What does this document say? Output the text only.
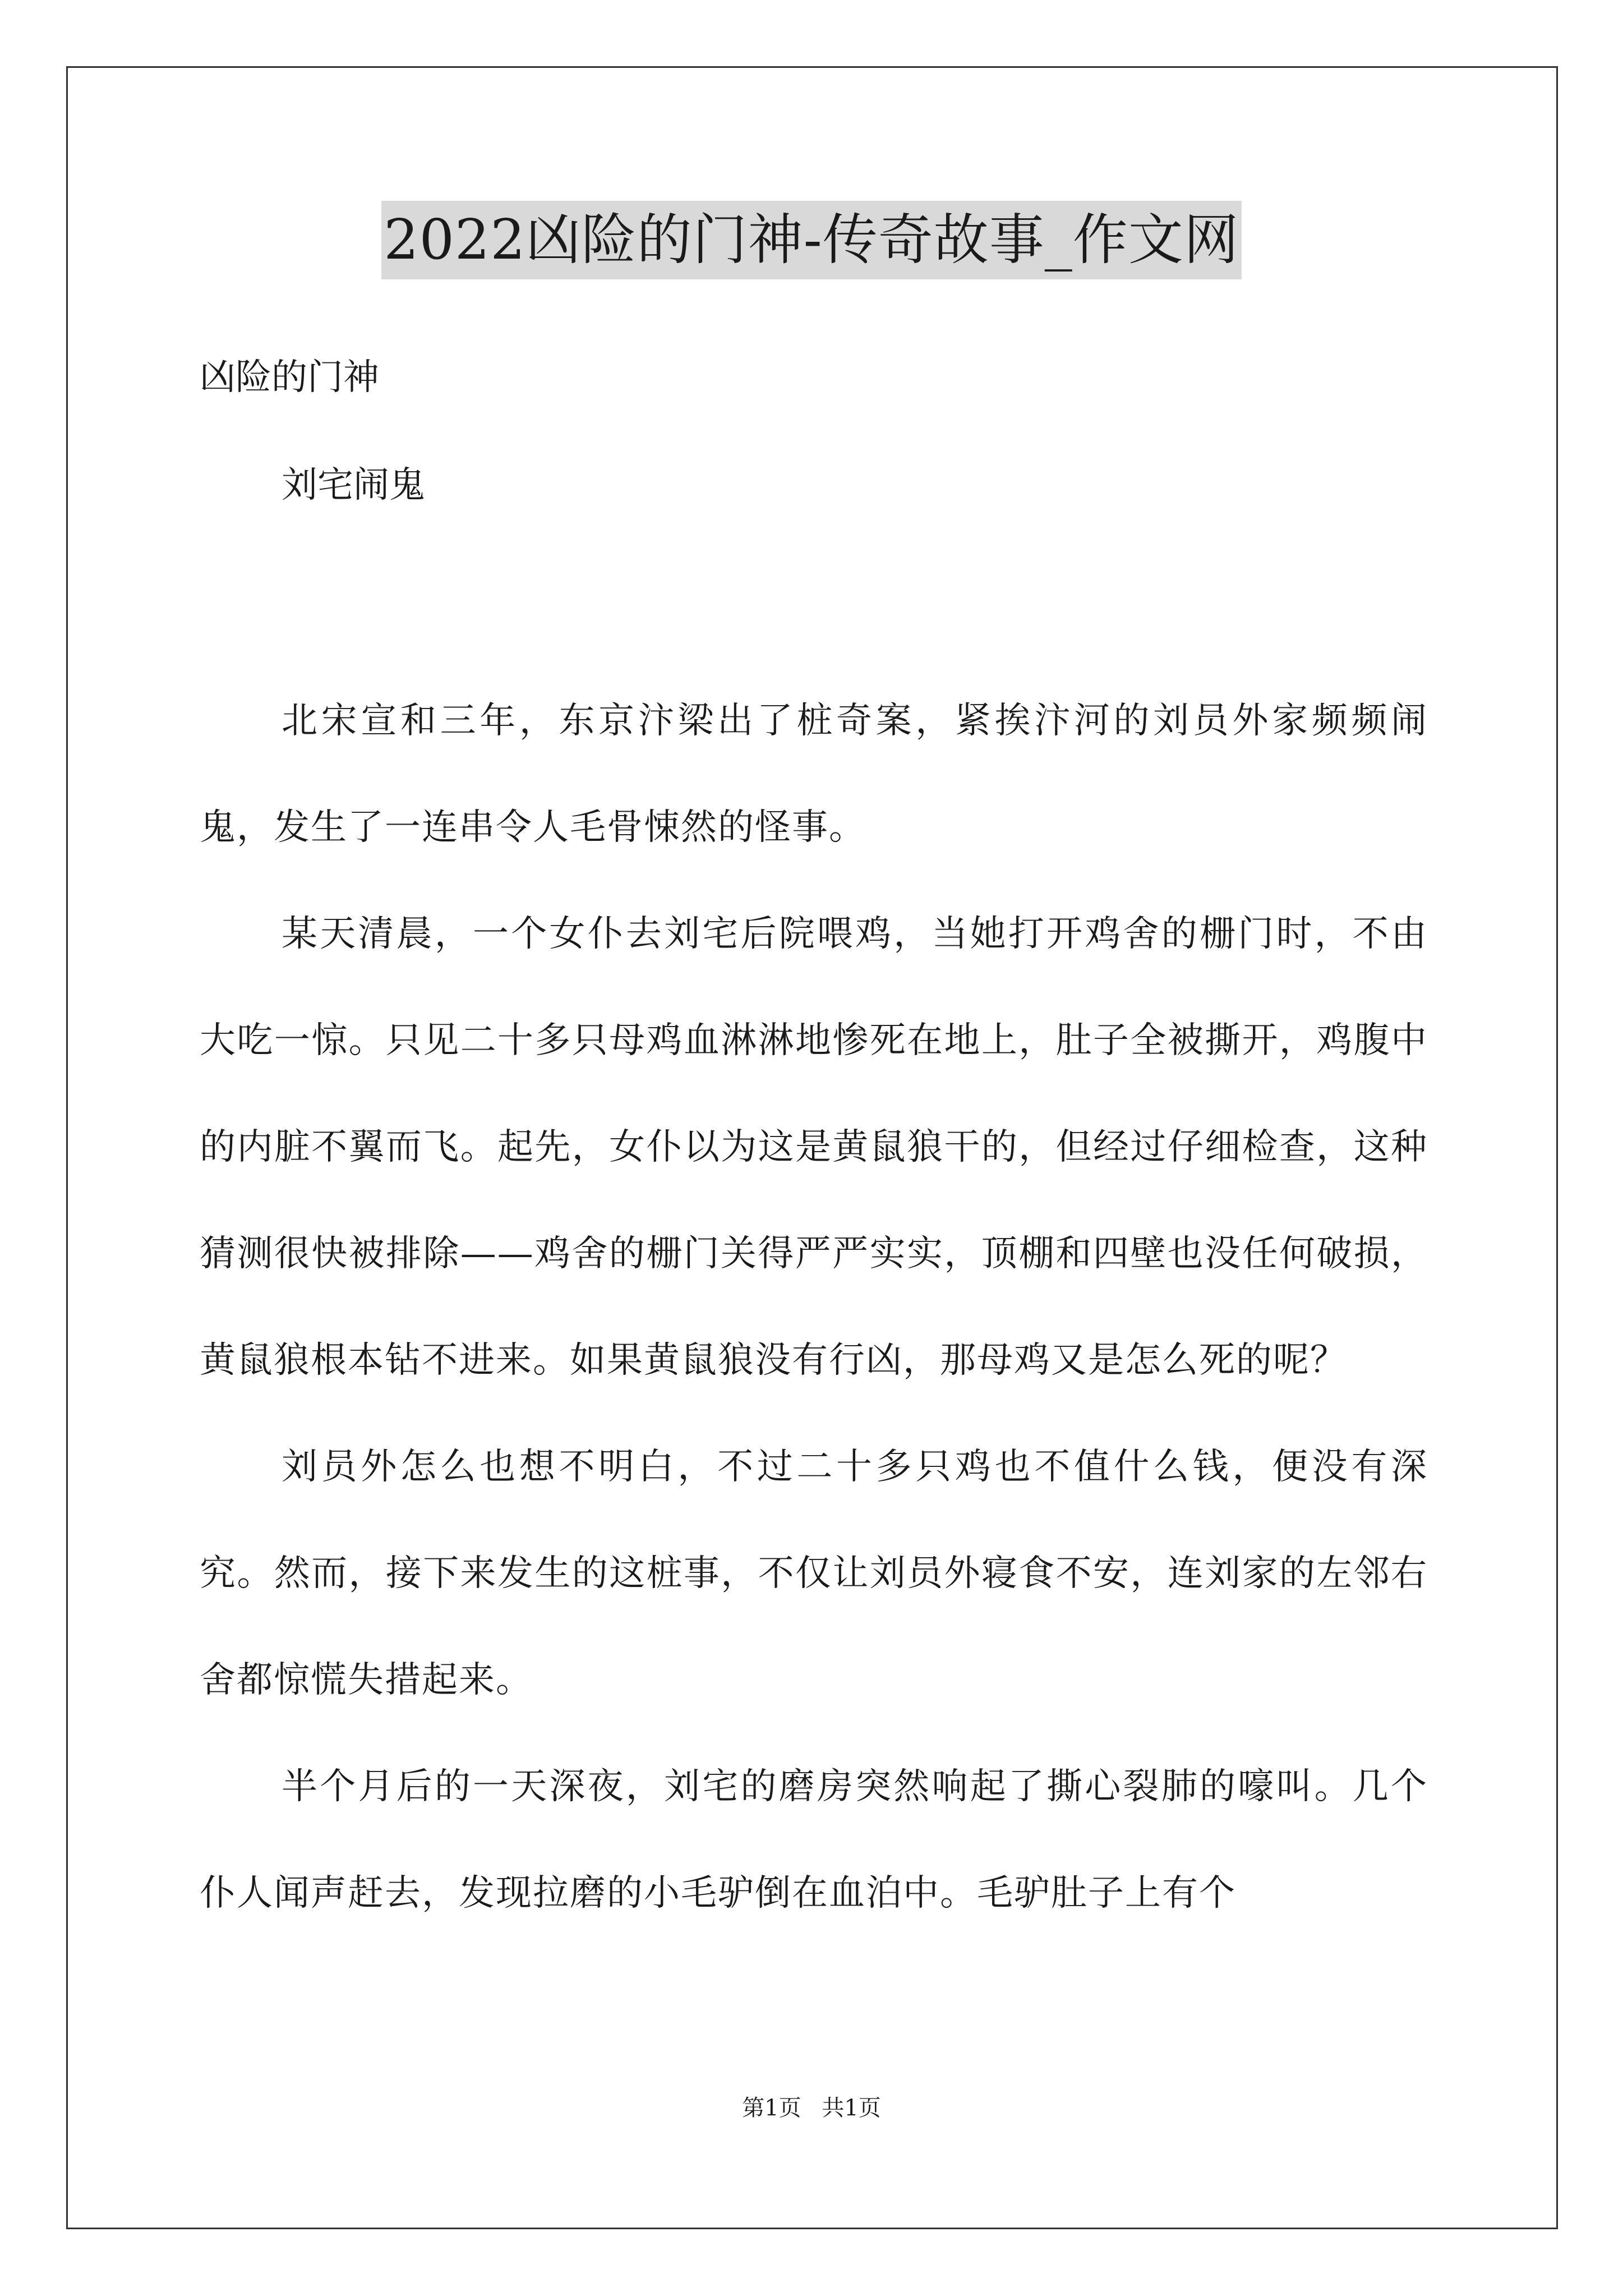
2022凶险的门神-传奇故事_作文网
凶险的门神
刘宅闹鬼

北宋宣和三年，东京汴梁出了桩奇案，紧挨汴河的刘员外家频频闹鬼，发生了一连串令人毛骨悚然的怪事。

某天清晨，一个女仆去刘宅后院喂鸡，当她打开鸡舍的栅门时，不由大吃一惊。只见二十多只母鸡血淋淋地惨死在地上，肚子全被撕开，鸡腹中的内脏不翼而飞。起先，女仆以为这是黄鼠狼干的，但经过仔细检查，这种猜测很快被排除——鸡舍的栅门关得严严实实，顶棚和四壁也没任何破损，黄鼠狼根本钻不进来。如果黄鼠狼没有行凶，那母鸡又是怎么死的呢？

刘员外怎么也想不明白，不过二十多只鸡也不值什么钱，便没有深究。然而，接下来发生的这桩事，不仅让刘员外寝食不安，连刘家的左邻右舍都惊慌失措起来。

半个月后的一天深夜，刘宅的磨房突然响起了撕心裂肺的嚎叫。几个仆人闻声赶去，发现拉磨的小毛驴倒在血泊中。毛驴肚子上有个

第1页 共1页
